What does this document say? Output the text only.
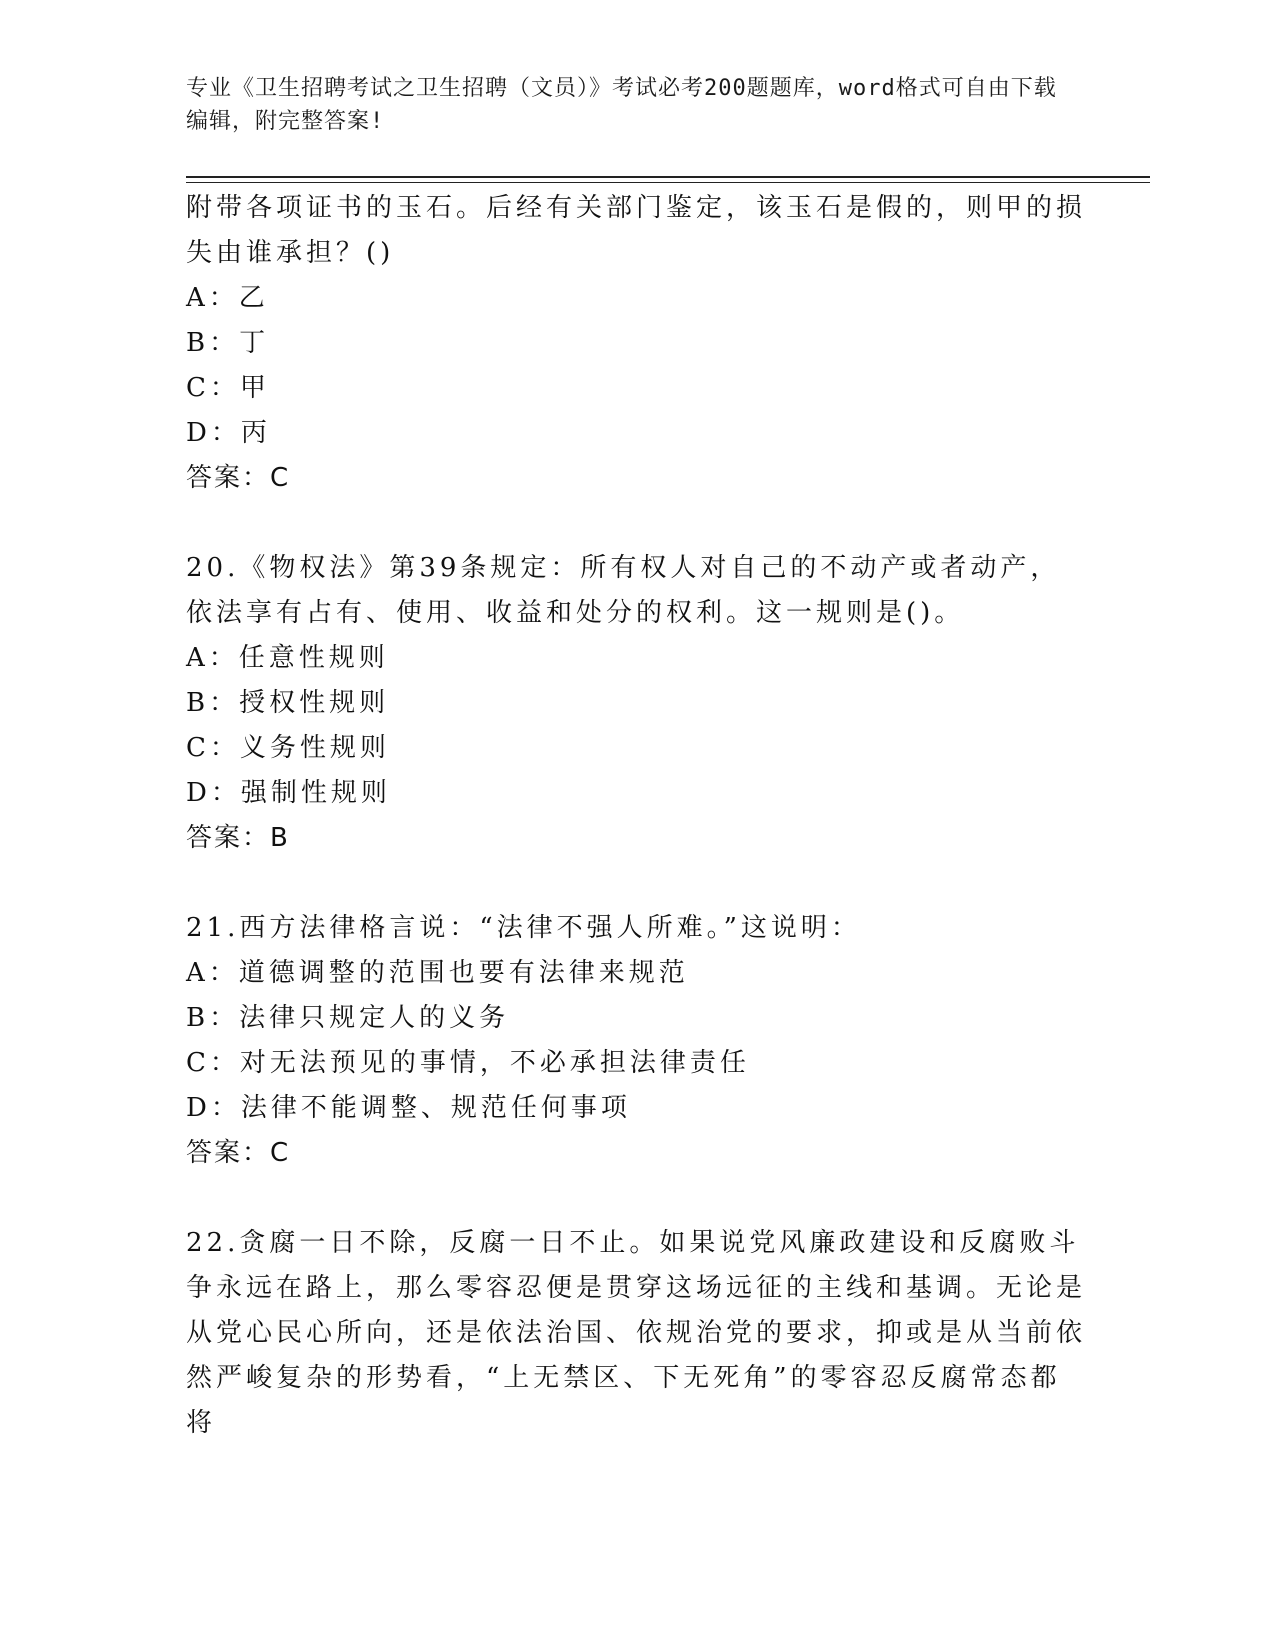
专业《卫生招聘考试之卫生招聘（文员）》考试必考200题题库，word格式可自由下载编辑，附完整答案!

附带各项证书的玉石。后经有关部门鉴定，该玉石是假的，则甲的损失由谁承担？()

A：乙

B：丁

C：甲

D：丙

答案：C

20.《物权法》第39条规定：所有权人对自己的不动产或者动产，依法享有占有、使用、收益和处分的权利。这一规则是()。

A：任意性规则

B：授权性规则

C：义务性规则

D：强制性规则

答案：B

21.西方法律格言说：“法律不强人所难。”这说明：

A：道德调整的范围也要有法律来规范

B：法律只规定人的义务

C：对无法预见的事情，不必承担法律责任

D：法律不能调整、规范任何事项

答案：C

22.贪腐一日不除，反腐一日不止。如果说党风廉政建设和反腐败斗争永远在路上，那么零容忍便是贯穿这场远征的主线和基调。无论是从党心民心所向，还是依法治国、依规治党的要求，抑或是从当前依然严峻复杂的形势看，“上无禁区、下无死角”的零容忍反腐常态都将
